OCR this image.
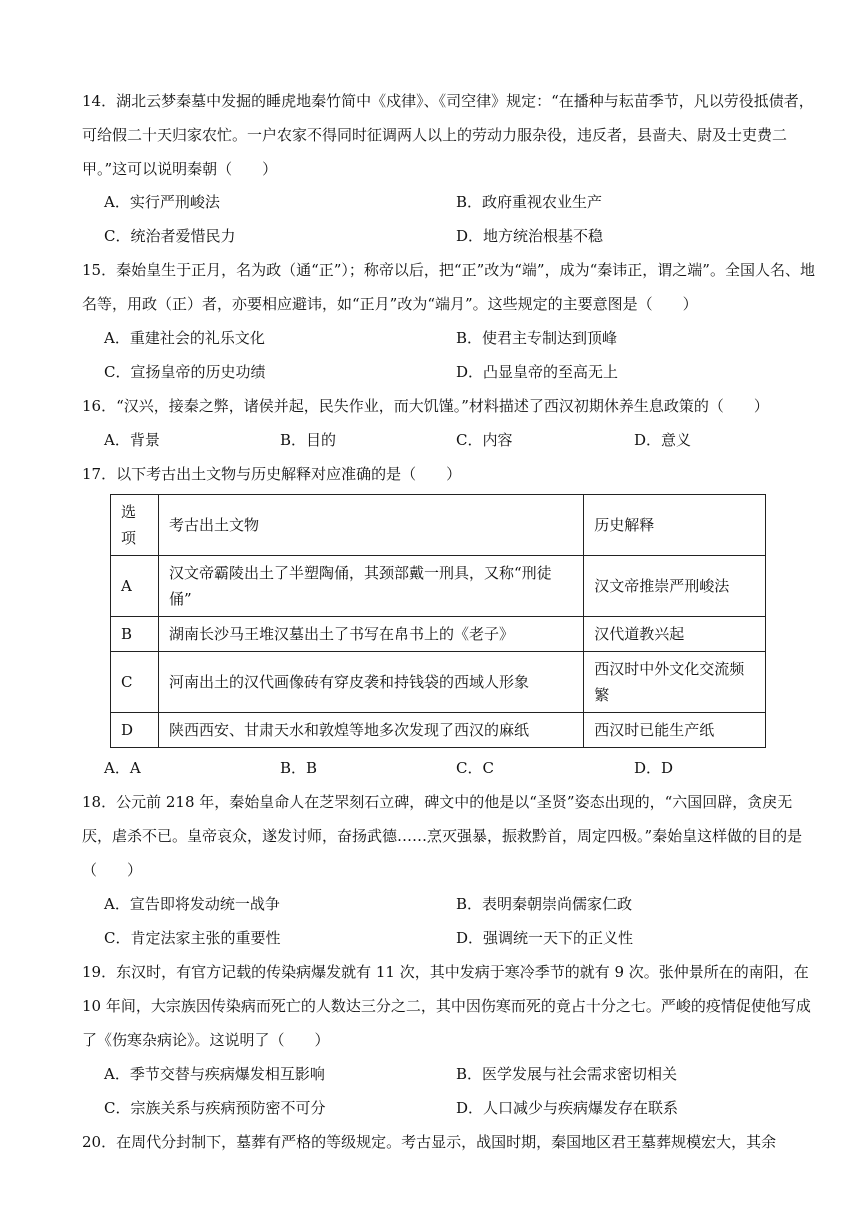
14．湖北云梦秦墓中发掘的睡虎地秦竹简中《戍律》、《司空律》规定：“在播种与耘苗季节，凡以劳役抵债者，可给假二十天归家农忙。一户农家不得同时征调两人以上的劳动力服杂役，违反者，县啬夫、尉及士吏费二甲。”这可以说明秦朝（　　）

A．实行严刑峻法	B．政府重视农业生产
C．统治者爱惜民力	D．地方统治根基不稳

15．秦始皇生于正月，名为政（通“正”）；称帝以后，把“正”改为“端”，成为“秦讳正，谓之端”。全国人名、地名等，用政（正）者，亦要相应避讳，如“正月”改为“端月”。这些规定的主要意图是（　　）

A．重建社会的礼乐文化	B．使君主专制达到顶峰
C．宣扬皇帝的历史功绩	D．凸显皇帝的至高无上

16．“汉兴，接秦之弊，诸侯并起，民失作业，而大饥馑。”材料描述了西汉初期休养生息政策的（　　）

A．背景	B．目的	C．内容	D．意义

17．以下考古出土文物与历史解释对应准确的是（　　）

选项	考古出土文物	历史解释
A	汉文帝霸陵出土了半塑陶俑，其颈部戴一刑具，又称“刑徒俑”	汉文帝推崇严刑峻法
B	湖南长沙马王堆汉墓出土了书写在帛书上的《老子》	汉代道教兴起
C	河南出土的汉代画像砖有穿皮袭和持钱袋的西域人形象	西汉时中外文化交流频繁
D	陕西西安、甘肃天水和敦煌等地多次发现了西汉的麻纸	西汉时已能生产纸
A．A	B．B	C．C	D．D

18．公元前 218 年，秦始皇命人在芝罘刻石立碑，碑文中的他是以“圣贤”姿态出现的，“六国回辟，贪戾无厌，虐杀不已。皇帝哀众，遂发讨师，奋扬武德……烹灭强暴，振救黔首，周定四极。”秦始皇这样做的目的是（　　）

A．宣告即将发动统一战争	B．表明秦朝崇尚儒家仁政
C．肯定法家主张的重要性	D．强调统一天下的正义性

19．东汉时，有官方记载的传染病爆发就有 11 次，其中发病于寒冷季节的就有 9 次。张仲景所在的南阳，在 10 年间，大宗族因传染病而死亡的人数达三分之二，其中因伤寒而死的竟占十分之七。严峻的疫情促使他写成了《伤寒杂病论》。这说明了（　　）

A．季节交替与疾病爆发相互影响	B．医学发展与社会需求密切相关
C．宗族关系与疾病预防密不可分	D．人口减少与疾病爆发存在联系

20．在周代分封制下，墓葬有严格的等级规定。考古显示，战国时期，秦国地区君王墓葬规模宏大，其余
